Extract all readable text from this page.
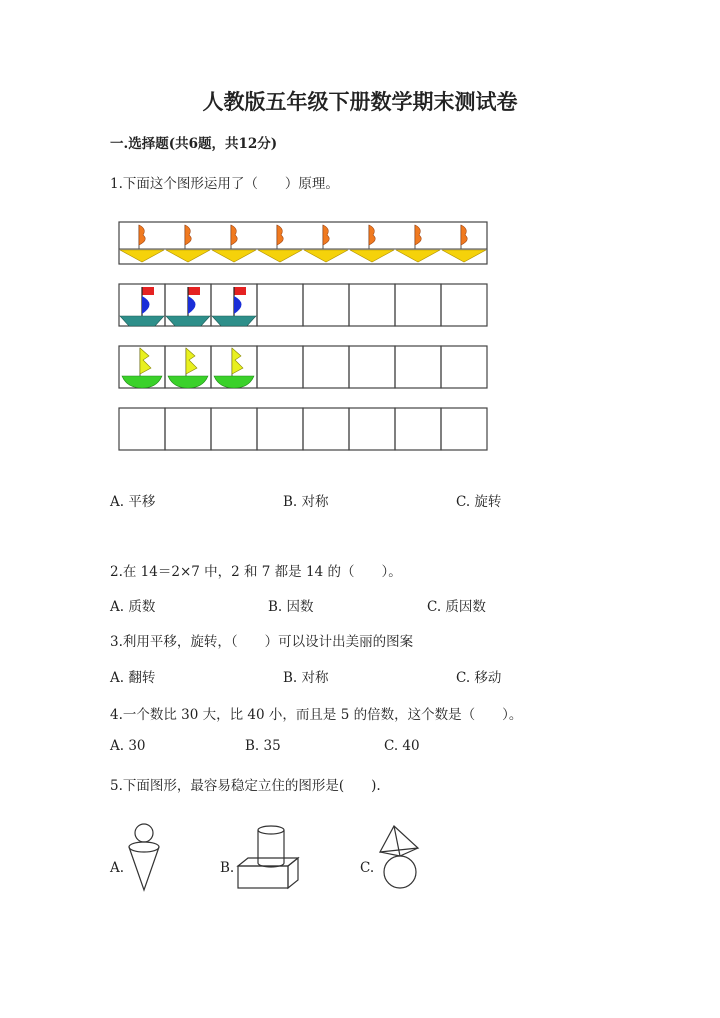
人教版五年级下册数学期末测试卷
一.选择题(共6题，共12分)
1.下面这个图形运用了（　　）原理。
A. 平移	B. 对称	C. 旋转
2.在 14＝2×7 中，2 和 7 都是 14 的（　　）。
A. 质数	B. 因数	C. 质因数
3.利用平移，旋转，（　　）可以设计出美丽的图案
A. 翻转	B. 对称	C. 移动
4.一个数比 30 大，比 40 小，而且是 5 的倍数，这个数是（　　）。
A. 30	B. 35	C. 40
5.下面图形，最容易稳定立住的图形是(　　).
A.	B.	C.
